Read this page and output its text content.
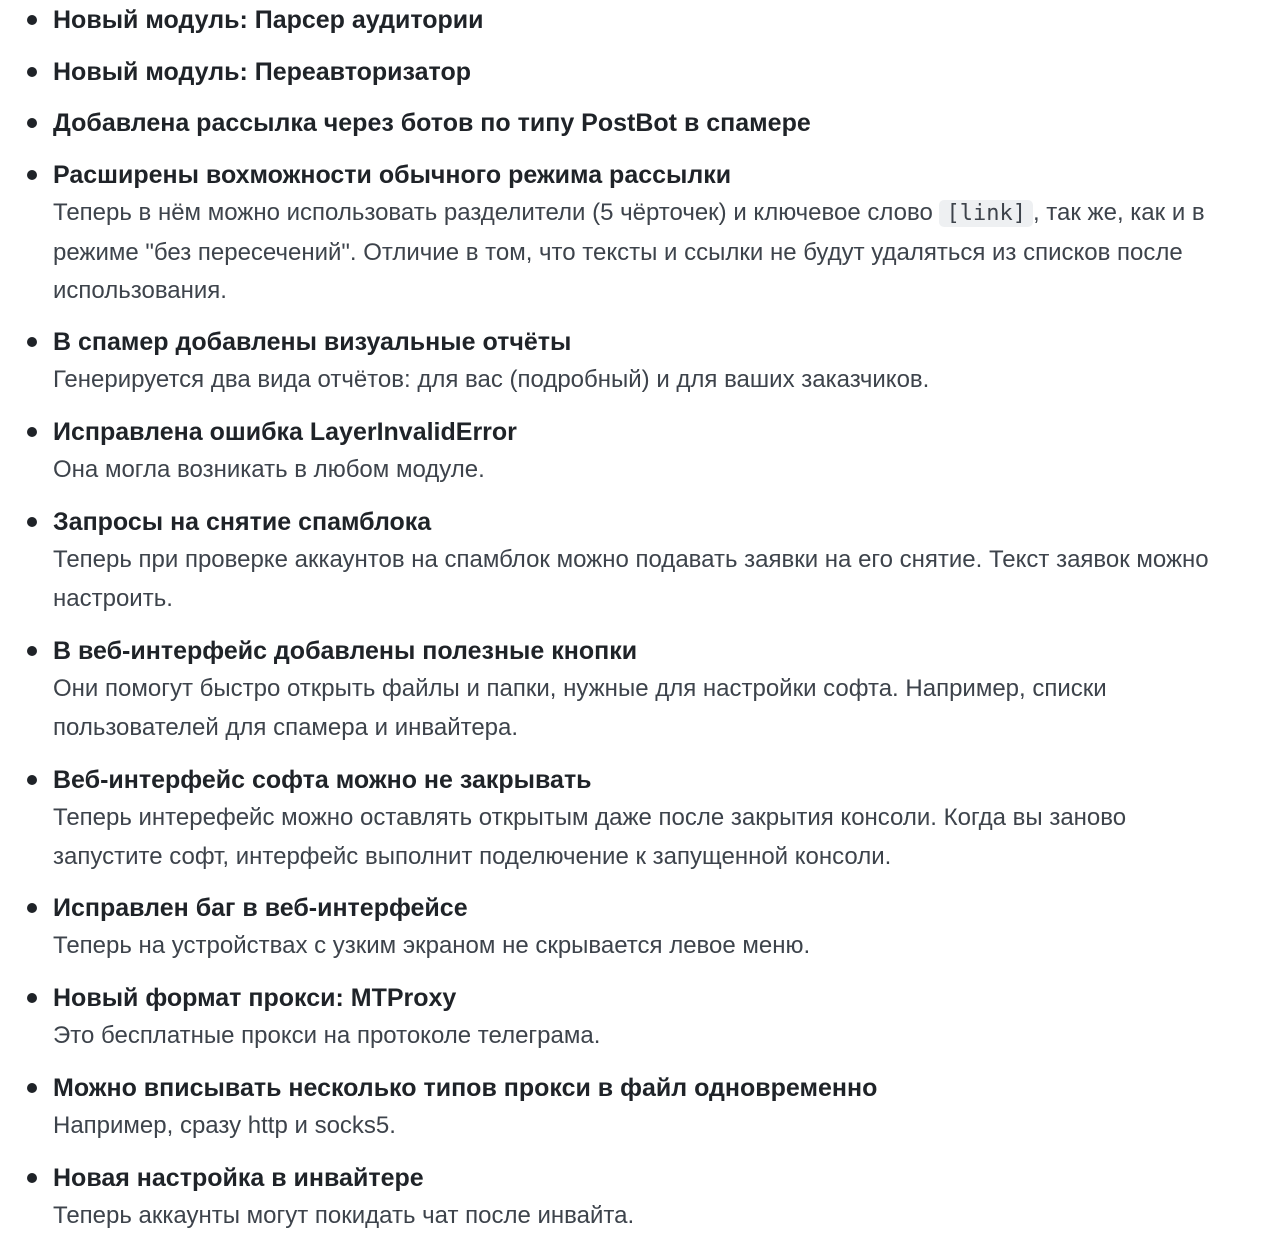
Новый модуль: Парсер аудитории
Новый модуль: Переавторизатор
Добавлена рассылка через ботов по типу PostBot в спамере
Расширены вохможности обычного режима рассылки
Теперь в нём можно использовать разделители (5 чёрточек) и ключевое слово [link] , так же, как и в режиме "без пересечений". Отличие в том, что тексты и ссылки не будут удаляться из списков после использования.
В спамер добавлены визуальные отчёты
Генерируется два вида отчётов: для вас (подробный) и для ваших заказчиков.
Исправлена ошибка LayerInvalidError
Она могла возникать в любом модуле.
Запросы на снятие спамблока
Теперь при проверке аккаунтов на спамблок можно подавать заявки на его снятие. Текст заявок можно настроить.
В веб-интерфейс добавлены полезные кнопки
Они помогут быстро открыть файлы и папки, нужные для настройки софта. Например, списки пользователей для спамера и инвайтера.
Веб-интерфейс софта можно не закрывать
Теперь интерефейс можно оставлять открытым даже после закрытия консоли. Когда вы заново запустите софт, интерфейс выполнит поделючение к запущенной консоли.
Исправлен баг в веб-интерфейсе
Теперь на устройствах с узким экраном не скрывается левое меню.
Новый формат прокси: MTProxy
Это бесплатные прокси на протоколе телеграма.
Можно вписывать несколько типов прокси в файл одновременно
Например, сразу http и socks5.
Новая настройка в инвайтере
Теперь аккаунты могут покидать чат после инвайта.
